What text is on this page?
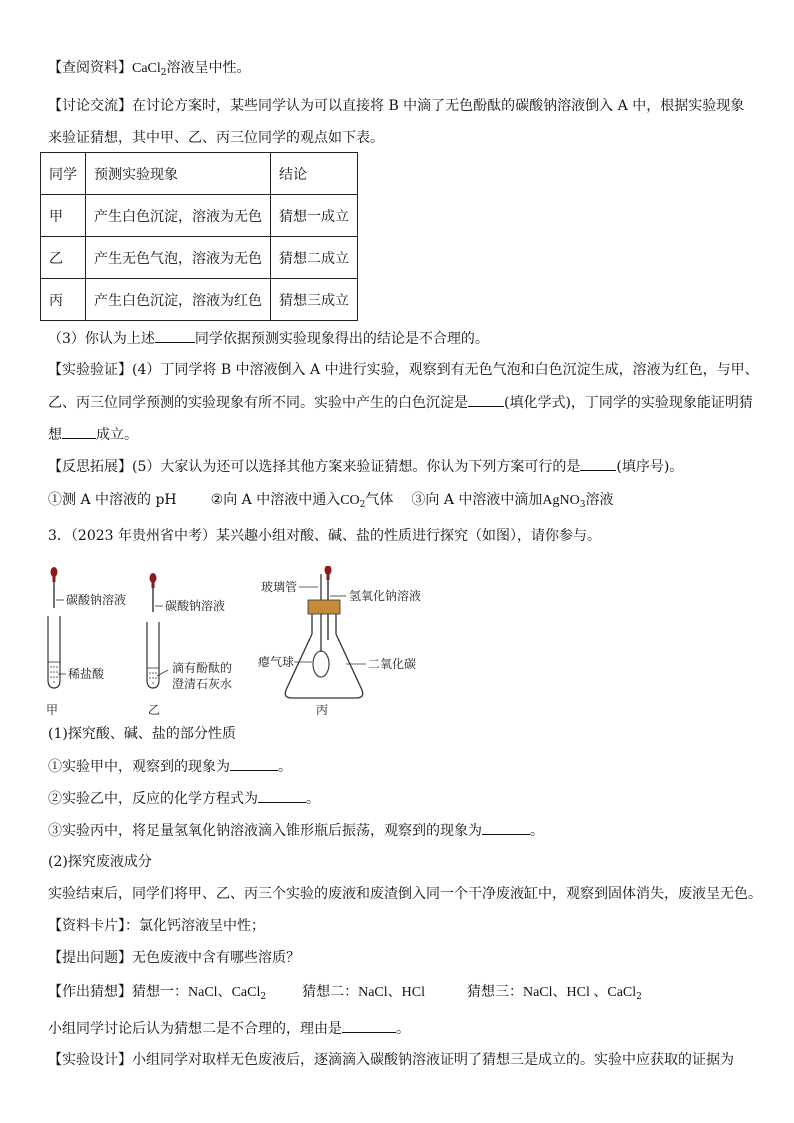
【查阅资料】CaCl$_2$溶液呈中性。
【讨论交流】在讨论方案时，某些同学认为可以直接将 B 中滴了无色酚酞的碳酸钠溶液倒入 A 中，根据实验现象
来验证猜想，其中甲、乙、丙三位同学的观点如下表。
同学	预测实验现象	结论
甲	产生白色沉淀，溶液为无色	猜想一成立
乙	产生无色气泡，溶液为无色	猜想二成立
丙	产生白色沉淀，溶液为红色	猜想三成立
（3）你认为上述	同学依据预测实验现象得出的结论是不合理的。
【实验验证】(4）丁同学将 B 中溶液倒入 A 中进行实验，观察到有无色气泡和白色沉淀生成，溶液为红色，与甲、
乙、丙三位同学预测的实验现象有所不同。实验中产生的白色沉淀是	(填化学式)，丁同学的实验现象能证明猜
想 成立。
【反思拓展】(5）大家认为还可以选择其他方案来验证猜想。你认为下列方案可行的是	(填序号)。
①测 A 中溶液的 pH ②向 A 中溶液中通入$CO_2$气体 ③向 A 中溶液中滴加AgNO$_3$溶液
3．（2023 年贵州省中考）某兴趣小组对酸、碱、盐的性质进行探究（如图），请你参与。
碳酸钠溶液
稀盐酸
甲
碳酸钠溶液
滴有酚酞的
澄清石灰水
乙
玻璃管
氢氧化钠溶液
瘪气球	二氧化碳
丙
(1)探究酸、碱、盐的部分性质
①实验甲中，观察到的现象为	。
②实验乙中，反应的化学方程式为	。
③实验丙中，将足量氢氧化钠溶液滴入锥形瓶后振荡，观察到的现象为	。
(2)探究废液成分
实验结束后，同学们将甲、乙、丙三个实验的废液和废渣倒入同一个干净废液缸中，观察到固体消失，废液呈无色。
【资料卡片】：氯化钙溶液呈中性；
【提出问题】无色废液中含有哪些溶质？
【作出猜想】猜想一：NaCl、CaCl$_2$	猜想二：NaCl、HCl	猜想三：NaCl、HCl 、CaCl$_2$
小组同学讨论后认为猜想二是不合理的，理由是	。
【实验设计】小组同学对取样无色废液后，逐滴滴入碳酸钠溶液证明了猜想三是成立的。实验中应获取的证据为
